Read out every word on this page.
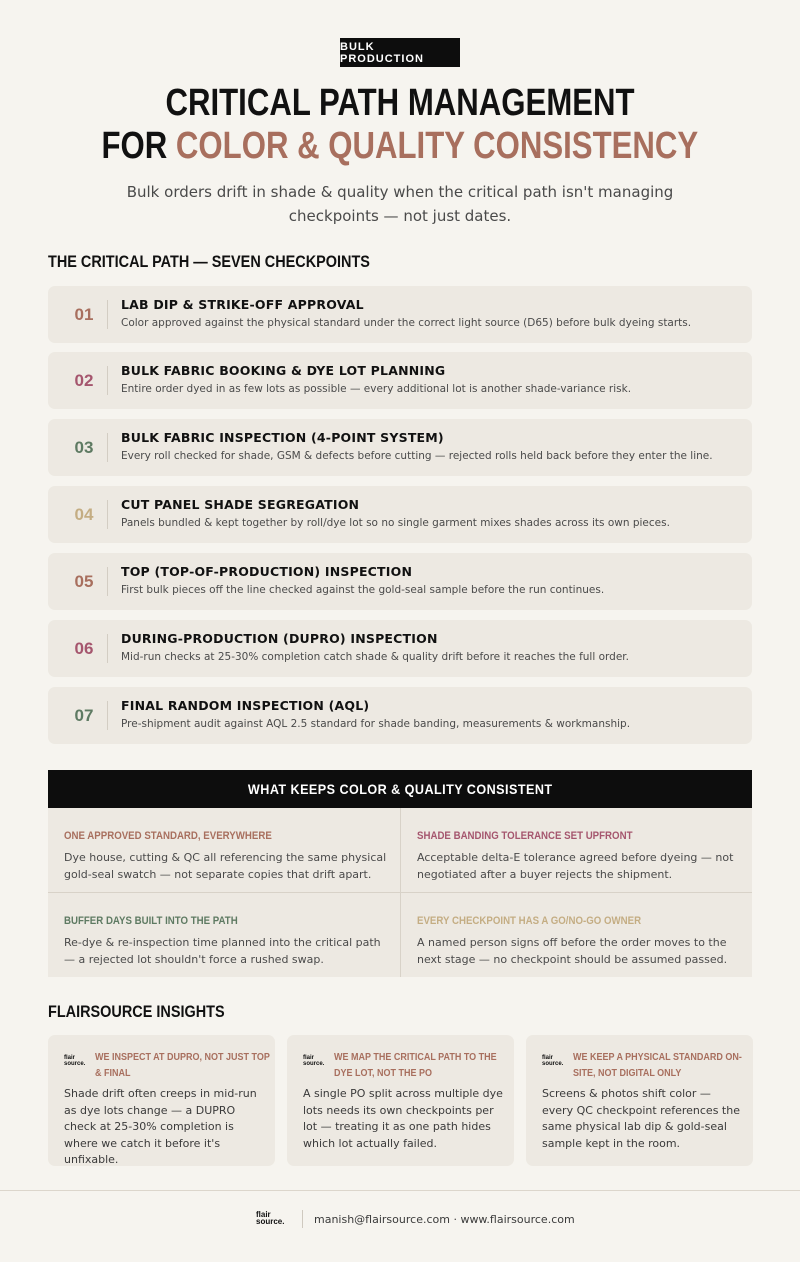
BULK PRODUCTION
CRITICAL PATH MANAGEMENT
FOR COLOR & QUALITY CONSISTENCY
Bulk orders drift in shade & quality when the critical path isn't managing checkpoints — not just dates.
THE CRITICAL PATH — SEVEN CHECKPOINTS
01	LAB DIP & STRIKE-OFF APPROVAL
Color approved against the physical standard under the correct light source (D65) before bulk dyeing starts.
02	BULK FABRIC BOOKING & DYE LOT PLANNING
Entire order dyed in as few lots as possible — every additional lot is another shade-variance risk.
03	BULK FABRIC INSPECTION (4-POINT SYSTEM)
Every roll checked for shade, GSM & defects before cutting — rejected rolls held back before they enter the line.
04	CUT PANEL SHADE SEGREGATION
Panels bundled & kept together by roll/dye lot so no single garment mixes shades across its own pieces.
05	TOP (TOP-OF-PRODUCTION) INSPECTION
First bulk pieces off the line checked against the gold-seal sample before the run continues.
06	DURING-PRODUCTION (DUPRO) INSPECTION
Mid-run checks at 25-30% completion catch shade & quality drift before it reaches the full order.
07	FINAL RANDOM INSPECTION (AQL)
Pre-shipment audit against AQL 2.5 standard for shade banding, measurements & workmanship.
WHAT KEEPS COLOR & QUALITY CONSISTENT
ONE APPROVED STANDARD, EVERYWHERE
Dye house, cutting & QC all referencing the same physical gold-seal swatch — not separate copies that drift apart.
SHADE BANDING TOLERANCE SET UPFRONT
Acceptable delta-E tolerance agreed before dyeing — not negotiated after a buyer rejects the shipment.
BUFFER DAYS BUILT INTO THE PATH
Re-dye & re-inspection time planned into the critical path — a rejected lot shouldn't force a rushed swap.
EVERY CHECKPOINT HAS A GO/NO-GO OWNER
A named person signs off before the order moves to the next stage — no checkpoint should be assumed passed.
FLAIRSOURCE INSIGHTS
flair
source.
WE INSPECT AT DUPRO, NOT JUST TOP & FINAL
Shade drift often creeps in mid-run as dye lots change — a DUPRO check at 25-30% completion is where we catch it before it's unfixable.
flair
source.
WE MAP THE CRITICAL PATH TO THE DYE LOT, NOT THE PO
A single PO split across multiple dye lots needs its own checkpoints per lot — treating it as one path hides which lot actually failed.
flair
source.
WE KEEP A PHYSICAL STANDARD ON-SITE, NOT DIGITAL ONLY
Screens & photos shift color — every QC checkpoint references the same physical lab dip & gold-seal sample kept in the room.
flair
source.	manish@flairsource.com · www.flairsource.com
